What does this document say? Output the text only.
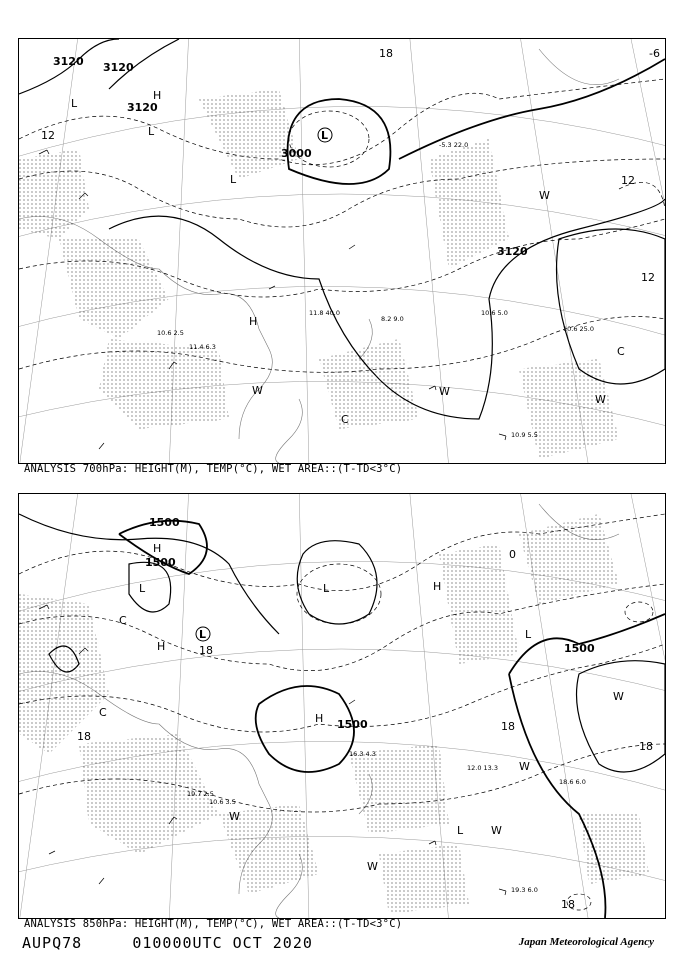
L
L
L
L
H
H
C
C
W	W
W
W
3120 3120
3120
3000
3120
12
12
12
18	-6
10.6 5.0
8.2 9.0
11.8 40.0
10.6 25.0
10.9 5.5
-5.3 22.0
11.4 6.3
10.6 2.5
ANALYSIS 700hPa: HEIGHT(M), TEMP(°C), WET AREA::(T-TD<3°C)
L
L	L
L
L
H
H
H
H
C
C
W
W
W
W
W
1500
1500
1500
1500
18
18
18
18
18
0
19.3 6.0
18.6 6.0
12.0 13.3
10.6 3.5
19.7 2.5
16.3 4.3
ANALYSIS 850hPa: HEIGHT(M), TEMP(°C), WET AREA::(T-TD<3°C)
AUPQ78	010000UTC OCT 2020	Japan Meteorological Agency
